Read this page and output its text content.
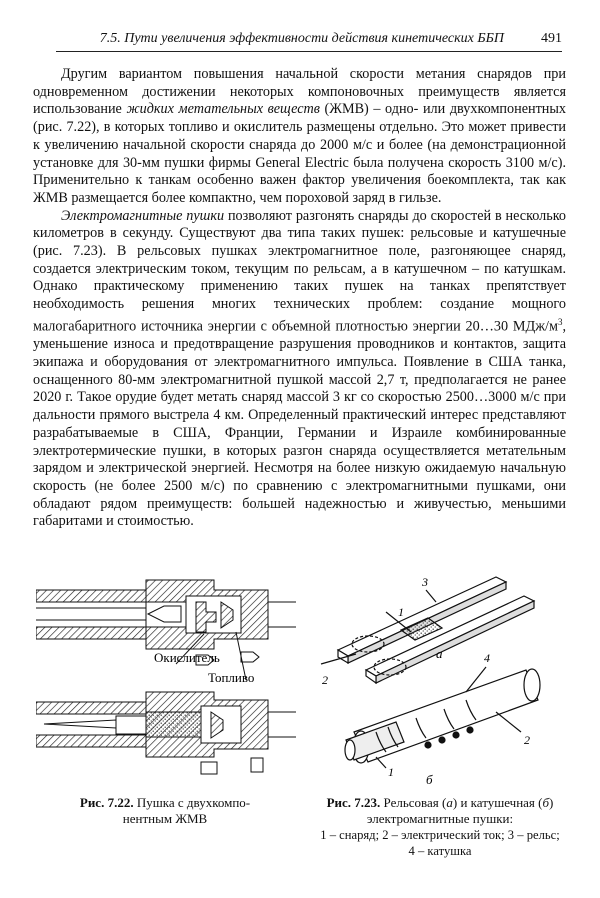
7.5. Пути увеличения эффективности действия кинетических ББП	491

Другим вариантом повышения начальной скорости метания снарядов при одновременном достижении некоторых компоновочных преимуществ является использование жидких метательных веществ (ЖМВ) – одно- или двухкомпонентных (рис. 7.22), в которых топливо и окислитель размещены отдельно. Это может привести к увеличению начальной скорости снаряда до 2000 м/с и более (на демонстрационной установке для 30-мм пушки фирмы General Electric была получена скорость 3100 м/с). Применительно к танкам особенно важен фактор увеличения боекомплекта, так как ЖМВ размещается более компактно, чем пороховой заряд в гильзе.

Электромагнитные пушки позволяют разгонять снаряды до скоростей в несколько километров в секунду. Существуют два типа таких пушек: рельсовые и катушечные (рис. 7.23). В рельсовых пушках электромагнитное поле, разгоняющее снаряд, создается электрическим током, текущим по рельсам, а в катушечном – по катушкам. Однако практическому применению таких пушек на танках препятствует необходимость решения многих технических проблем: создание мощного малогабаритного источника энергии с объемной плотностью энергии 20…30 МДж/$м^3$, уменьшение износа и предотвращение разрушения проводников и контактов, защита экипажа и оборудования от электромагнитного импульса. Появление в США танка, оснащенного 80-мм электромагнитной пушкой массой 2,7 т, предполагается не ранее 2020 г. Такое орудие будет метать снаряд массой 3 кг со скоростью 2500…3000 м/с при дальности прямого выстрела 4 км. Определенный практический интерес представляют разрабатываемые в США, Франции, Германии и Израиле комбинированные электротермические пушки, в которых разгон снаряда осуществляется метательным зарядом и электрической энергией. Несмотря на более низкую ожидаемую начальную скорость (не более 2500 м/с) по сравнению с электромагнитными пушками, они обладают рядом преимуществ: большей надежностью и живучестью, меньшими габаритами и стоимостью.

Окислитель
Топливо
Рис. 7.22. Пушка с двухкомпо-
нентным ЖМВ
1
2
3
а	4
2
1 б
Рис. 7.23. Рельсовая (а) и катушечная (б)
электромагнитные пушки:
1 – снаряд; 2 – электрический ток; 3 – рельс;
4 – катушка
